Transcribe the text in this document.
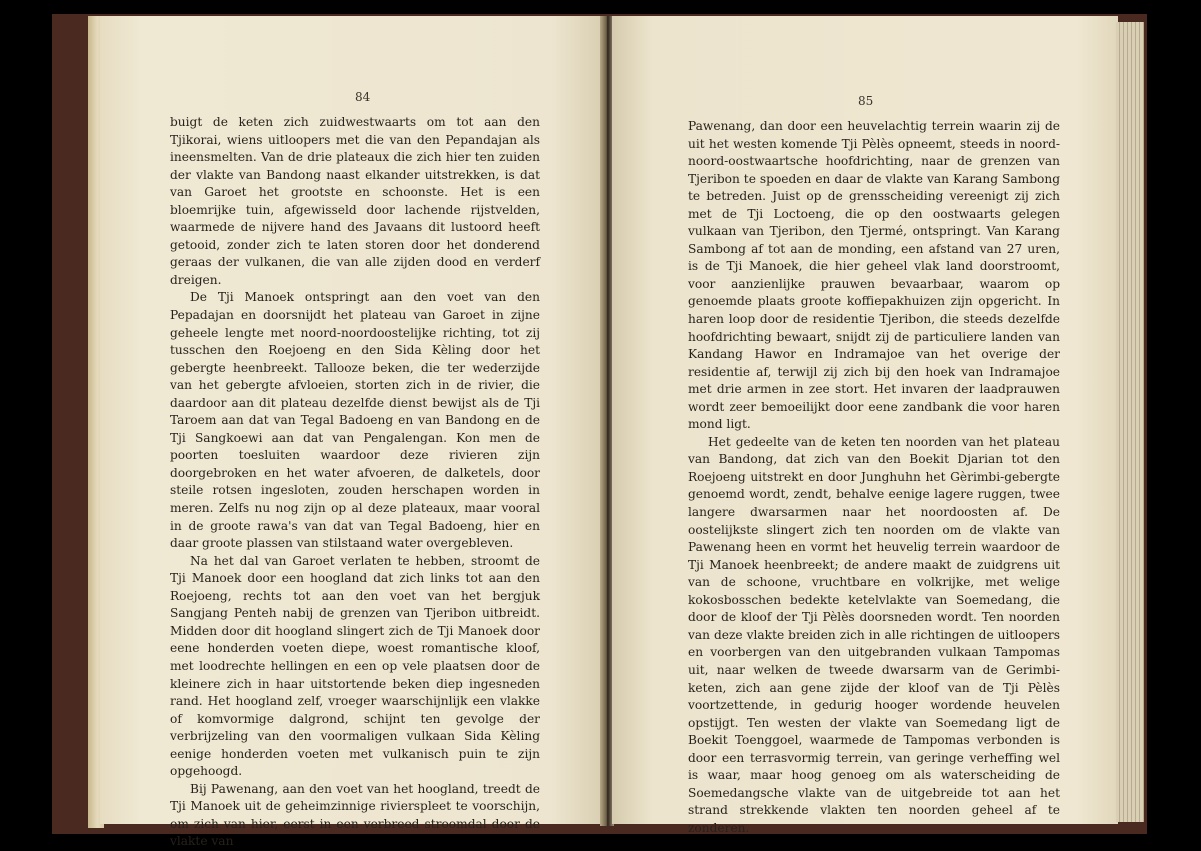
84

buigt de keten zich zuidwestwaarts om tot aan den Tjikorai, wiens uitloopers met die van den Pepandajan als ineensmelten. Van de drie plateaux die zich hier ten zuiden der vlakte van Bandong naast elkander uitstrekken, is dat van Garoet het grootste en schoonste. Het is een bloemrijke tuin, afgewisseld door lachende rijstvelden, waarmede de nijvere hand des Javaans dit lustoord heeft getooid, zonder zich te laten storen door het donderend geraas der vulkanen, die van alle zijden dood en verderf dreigen.

De Tji Manoek ontspringt aan den voet van den Pepadajan en doorsnijdt het plateau van Garoet in zijne geheele lengte met noord-noordoostelijke richting, tot zij tusschen den Roejoeng en den Sida Kèling door het gebergte heenbreekt. Tallooze beken, die ter wederzijde van het gebergte afvloeien, storten zich in de rivier, die daardoor aan dit plateau dezelfde dienst bewijst als de Tji Taroem aan dat van Tegal Badoeng en van Bandong en de Tji Sangkoewi aan dat van Pengalengan. Kon men de poorten toesluiten waardoor deze rivieren zijn doorgebroken en het water afvoeren, de dalketels, door steile rotsen ingesloten, zouden herschapen worden in meren. Zelfs nu nog zijn op al deze plateaux, maar vooral in de groote rawa's van dat van Tegal Badoeng, hier en daar groote plassen van stilstaand water overgebleven.

Na het dal van Garoet verlaten te hebben, stroomt de Tji Manoek door een hoogland dat zich links tot aan den Roejoeng, rechts tot aan den voet van het bergjuk Sangjang Penteh nabij de grenzen van Tjeribon uitbreidt. Midden door dit hoogland slingert zich de Tji Manoek door eene honderden voeten diepe, woest romantische kloof, met loodrechte hellingen en een op vele plaatsen door de kleinere zich in haar uitstortende beken diep ingesneden rand. Het hoogland zelf, vroeger waarschijnlijk een vlakke of komvormige dalgrond, schijnt ten gevolge der verbrijzeling van den voormaligen vulkaan Sida Kèling eenige honderden voeten met vulkanisch puin te zijn opgehoogd.

Bij Pawenang, aan den voet van het hoogland, treedt de Tji Manoek uit de geheimzinnige rivierspleet te voorschijn, om zich van hier, eerst in een verbreed stroomdal door de vlakte van

85

Pawenang, dan door een heuvelachtig terrein waarin zij de uit het westen komende Tji Pèlès opneemt, steeds in noord-noord-oostwaartsche hoofdrichting, naar de grenzen van Tjeribon te spoeden en daar de vlakte van Karang Sambong te betreden. Juist op de grensscheiding vereenigt zij zich met de Tji Loctoeng, die op den oostwaarts gelegen vulkaan van Tjeribon, den Tjermé, ontspringt. Van Karang Sambong af tot aan de monding, een afstand van 27 uren, is de Tji Manoek, die hier geheel vlak land doorstroomt, voor aanzienlijke prauwen bevaarbaar, waarom op genoemde plaats groote koffiepakhuizen zijn opgericht. In haren loop door de residentie Tjeribon, die steeds dezelfde hoofdrichting bewaart, snijdt zij de particuliere landen van Kandang Hawor en Indramajoe van het overige der residentie af, terwijl zij zich bij den hoek van Indramajoe met drie armen in zee stort. Het invaren der laadprauwen wordt zeer bemoeilijkt door eene zandbank die voor haren mond ligt.

Het gedeelte van de keten ten noorden van het plateau van Bandong, dat zich van den Boekit Djarian tot den Roejoeng uitstrekt en door Junghuhn het Gèrimbi-gebergte genoemd wordt, zendt, behalve eenige lagere ruggen, twee langere dwarsarmen naar het noordoosten af. De oostelijkste slingert zich ten noorden om de vlakte van Pawenang heen en vormt het heuvelig terrein waardoor de Tji Manoek heenbreekt; de andere maakt de zuidgrens uit van de schoone, vruchtbare en volkrijke, met welige kokosbosschen bedekte ketelvlakte van Soemedang, die door de kloof der Tji Pèlès doorsneden wordt. Ten noorden van deze vlakte breiden zich in alle richtingen de uitloopers en voorbergen van den uitgebranden vulkaan Tampomas uit, naar welken de tweede dwarsarm van de Gerimbi-keten, zich aan gene zijde der kloof van de Tji Pèlès voortzettende, in gedurig hooger wordende heuvelen opstijgt. Ten westen der vlakte van Soemedang ligt de Boekit Toenggoel, waarmede de Tampomas verbonden is door een terrasvormig terrein, van geringe verheffing wel is waar, maar hoog genoeg om als waterscheiding de Soemedangsche vlakte van de uitgebreide tot aan het strand strekkende vlakten ten noorden geheel af te zonderen.
